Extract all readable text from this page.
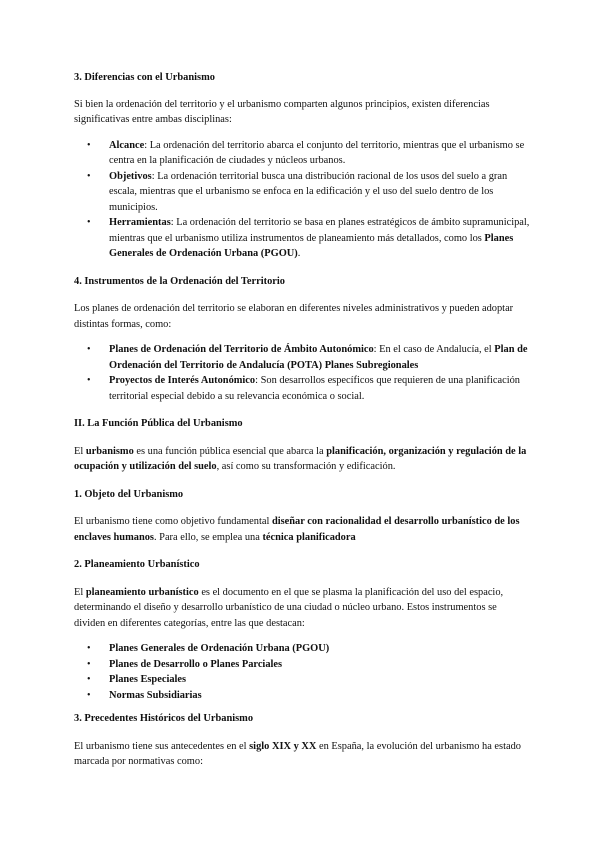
3. Diferencias con el Urbanismo

Si bien la ordenación del territorio y el urbanismo comparten algunos principios, existen diferencias significativas entre ambas disciplinas:

• Alcance: La ordenación del territorio abarca el conjunto del territorio, mientras que el urbanismo se centra en la planificación de ciudades y núcleos urbanos.
• Objetivos: La ordenación territorial busca una distribución racional de los usos del suelo a gran escala, mientras que el urbanismo se enfoca en la edificación y el uso del suelo dentro de los municipios.
• Herramientas: La ordenación del territorio se basa en planes estratégicos de ámbito supramunicipal, mientras que el urbanismo utiliza instrumentos de planeamiento más detallados, como los Planes Generales de Ordenación Urbana (PGOU).
4. Instrumentos de la Ordenación del Territorio

Los planes de ordenación del territorio se elaboran en diferentes niveles administrativos y pueden adoptar distintas formas, como:

• Planes de Ordenación del Territorio de Ámbito Autonómico: En el caso de Andalucía, el Plan de Ordenación del Territorio de Andalucía (POTA) Planes Subregionales
• Proyectos de Interés Autonómico: Son desarrollos específicos que requieren de una planificación territorial especial debido a su relevancia económica o social.
II. La Función Pública del Urbanismo

El urbanismo es una función pública esencial que abarca la planificación, organización y regulación de la ocupación y utilización del suelo, así como su transformación y edificación.

1. Objeto del Urbanismo

El urbanismo tiene como objetivo fundamental diseñar con racionalidad el desarrollo urbanístico de los enclaves humanos. Para ello, se emplea una técnica planificadora

2. Planeamiento Urbanístico

El planeamiento urbanístico es el documento en el que se plasma la planificación del uso del espacio, determinando el diseño y desarrollo urbanístico de una ciudad o núcleo urbano. Estos instrumentos se dividen en diferentes categorías, entre las que destacan:

• Planes Generales de Ordenación Urbana (PGOU)
• Planes de Desarrollo o Planes Parciales
• Planes Especiales
• Normas Subsidiarias
3. Precedentes Históricos del Urbanismo

El urbanismo tiene sus antecedentes en el siglo XIX y XX en España, la evolución del urbanismo ha estado marcada por normativas como:
